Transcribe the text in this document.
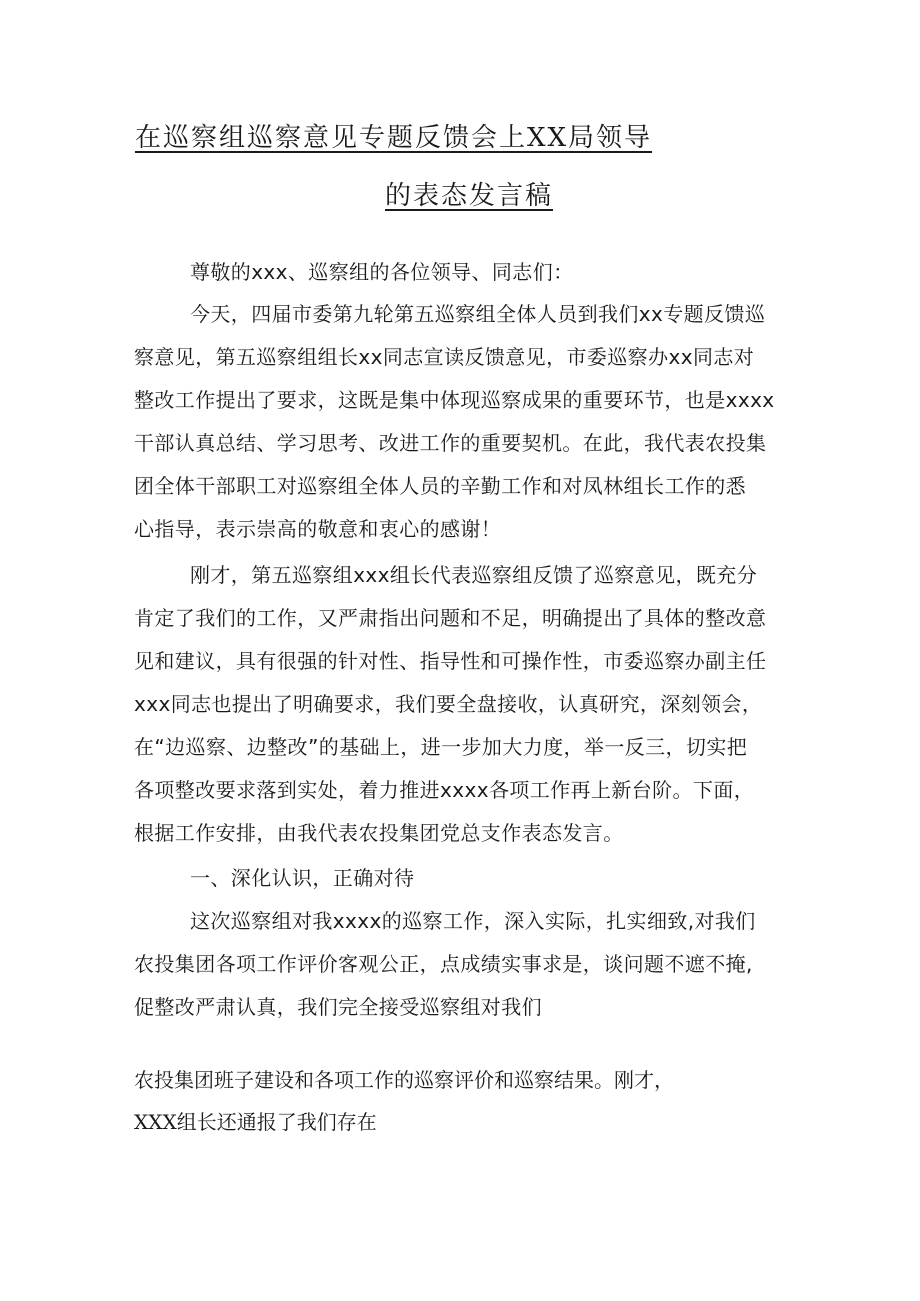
在巡察组巡察意见专题反馈会上XX局领导
的表态发言稿
尊敬的xxx、巡察组的各位领导、同志们：
今天，四届市委第九轮第五巡察组全体人员到我们xx专题反馈巡
察意见，第五巡察组组长xx同志宣读反馈意见，市委巡察办xx同志对
整改工作提出了要求，这既是集中体现巡察成果的重要环节，也是xxxx
干部认真总结、学习思考、改进工作的重要契机。在此，我代表农投集
团全体干部职工对巡察组全体人员的辛勤工作和对凤林组长工作的悉
心指导，表示崇高的敬意和衷心的感谢！
刚才，第五巡察组xxx组长代表巡察组反馈了巡察意见，既充分
肯定了我们的工作，又严肃指出问题和不足，明确提出了具体的整改意
见和建议，具有很强的针对性、指导性和可操作性，市委巡察办副主任
xxx同志也提出了明确要求，我们要全盘接收，认真研究，深刻领会，
在“边巡察、边整改”的基础上，进一步加大力度，举一反三，切实把
各项整改要求落到实处，着力推进xxxx各项工作再上新台阶。下面，
根据工作安排，由我代表农投集团党总支作表态发言。
一、深化认识，正确对待
这次巡察组对我xxxx的巡察工作，深入实际，扎实细致,对我们
农投集团各项工作评价客观公正，点成绩实事求是，谈问题不遮不掩,
促整改严肃认真，我们完全接受巡察组对我们
农投集团班子建设和各项工作的巡察评价和巡察结果。刚才，
XXX组长还通报了我们存在
